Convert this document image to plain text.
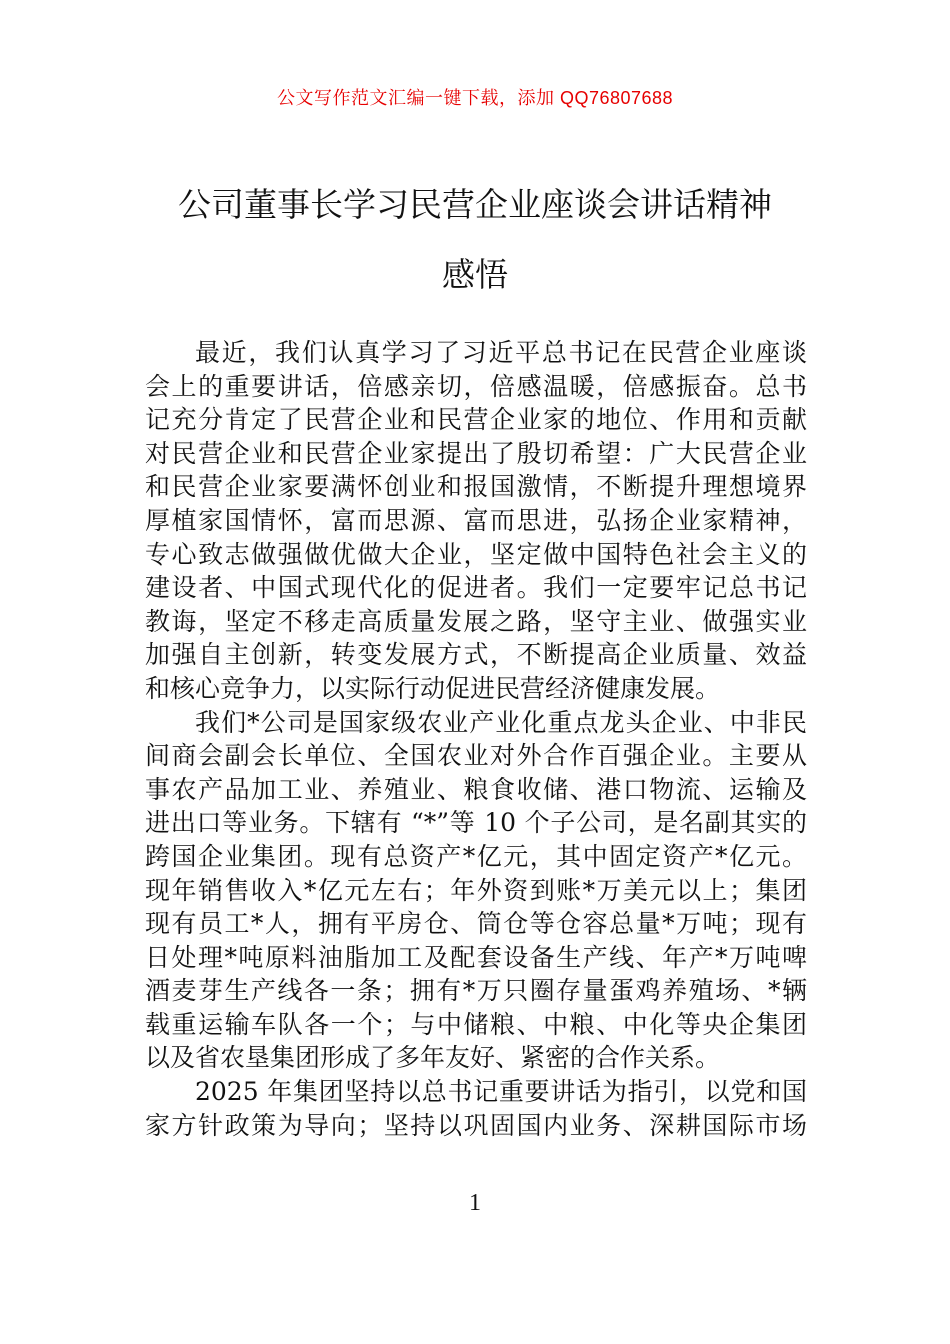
公文写作范文汇编一键下载，添加 QQ76807688
公司董事长学习民营企业座谈会讲话精神
感悟
最近，我们认真学习了习近平总书记在民营企业座谈
会上的重要讲话，倍感亲切，倍感温暖，倍感振奋。总书
记充分肯定了民营企业和民营企业家的地位、作用和贡献
对民营企业和民营企业家提出了殷切希望：广大民营企业
和民营企业家要满怀创业和报国激情，不断提升理想境界
厚植家国情怀，富而思源、富而思进，弘扬企业家精神，
专心致志做强做优做大企业，坚定做中国特色社会主义的
建设者、中国式现代化的促进者。我们一定要牢记总书记
教诲，坚定不移走高质量发展之路，坚守主业、做强实业
加强自主创新，转变发展方式，不断提高企业质量、效益
和核心竞争力，以实际行动促进民营经济健康发展。
我们*公司是国家级农业产业化重点龙头企业、中非民
间商会副会长单位、全国农业对外合作百强企业。主要从
事农产品加工业、养殖业、粮食收储、港口物流、运输及
进出口等业务。下辖有 “*”等 10 个子公司，是名副其实的
跨国企业集团。现有总资产*亿元，其中固定资产*亿元。
现年销售收入*亿元左右；年外资到账*万美元以上；集团
现有员工*人，拥有平房仓、筒仓等仓容总量*万吨；现有
日处理*吨原料油脂加工及配套设备生产线、年产*万吨啤
酒麦芽生产线各一条；拥有*万只圈存量蛋鸡养殖场、*辆
载重运输车队各一个；与中储粮、中粮、中化等央企集团
以及省农垦集团形成了多年友好、紧密的合作关系。
2025 年集团坚持以总书记重要讲话为指引，以党和国
家方针政策为导向；坚持以巩固国内业务、深耕国际市场
1
